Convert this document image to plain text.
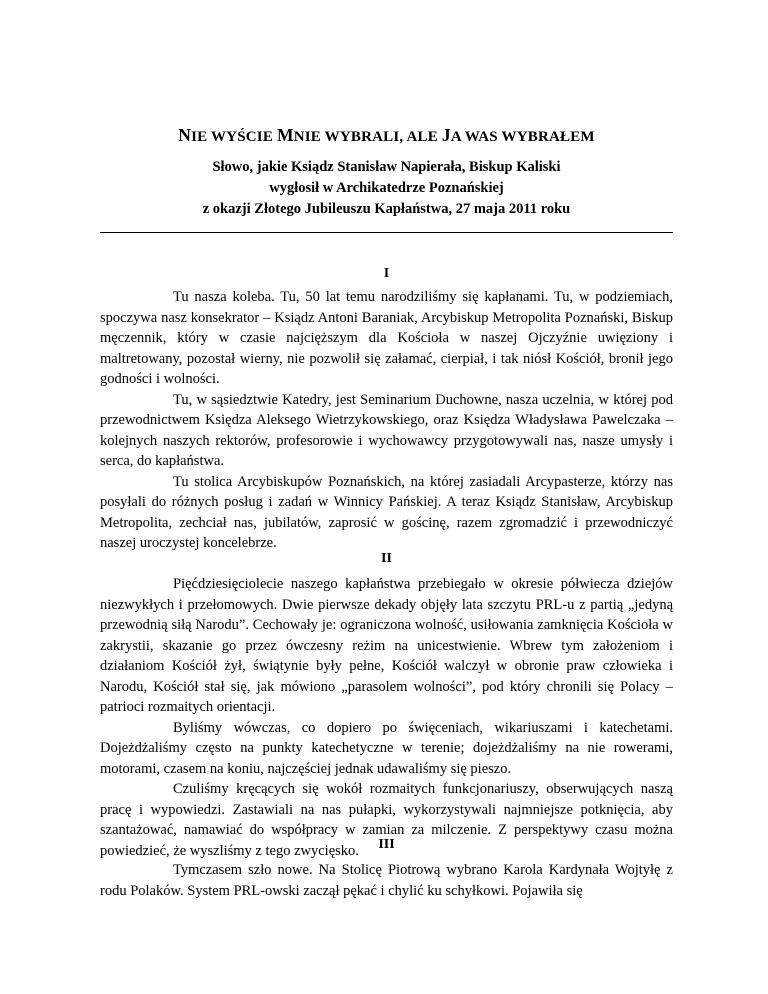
NIE WYŚCIE MNIE WYBRALI, ALE JA WAS WYBRAŁEM
Słowo, jakie Ksiądz Stanisław Napierała, Biskup Kaliski
wygłosił w Archikatedrze Poznańskiej
z okazji Złotego Jubileuszu Kapłaństwa, 27 maja 2011 roku
I

Tu nasza koleba. Tu, 50 lat temu narodziliśmy się kapłanami. Tu, w podziemiach, spoczywa nasz konsekrator – Ksiądz Antoni Baraniak, Arcybiskup Metropolita Poznański, Biskup męczennik, który w czasie najcięższym dla Kościoła w naszej Ojczyźnie uwięziony i maltretowany, pozostał wierny, nie pozwolił się załamać, cierpiał, i tak niósł Kościół, bronił jego godności i wolności.

Tu, w sąsiedztwie Katedry, jest Seminarium Duchowne, nasza uczelnia, w której pod przewodnictwem Księdza Aleksego Wietrzykowskiego, oraz Księdza Władysława Pawelczaka – kolejnych naszych rektorów, profesorowie i wychowawcy przygotowywali nas, nasze umysły i serca, do kapłaństwa.

Tu stolica Arcybiskupów Poznańskich, na której zasiadali Arcypasterze, którzy nas posyłali do różnych posług i zadań w Winnicy Pańskiej. A teraz Ksiądz Stanisław, Arcybiskup Metropolita, zechciał nas, jubilatów, zaprosić w gościnę, razem zgromadzić i przewodniczyć naszej uroczystej koncelebrze.

II

Pięćdziesięciolecie naszego kapłaństwa przebiegało w okresie półwiecza dziejów niezwykłych i przełomowych. Dwie pierwsze dekady objęły lata szczytu PRL-u z partią „jedyną przewodnią siłą Narodu”. Cechowały je: ograniczona wolność, usiłowania zamknięcia Kościoła w zakrystii, skazanie go przez ówczesny reżim na unicestwienie. Wbrew tym założeniom i działaniom Kościół żył, świątynie były pełne, Kościół walczył w obronie praw człowieka i Narodu, Kościół stał się, jak mówiono „parasolem wolności”, pod który chronili się Polacy – patrioci rozmaitych orientacji.

Byliśmy wówczas, co dopiero po święceniach, wikariuszami i katechetami. Dojeżdżaliśmy często na punkty katechetyczne w terenie; dojeżdżaliśmy na nie rowerami, motorami, czasem na koniu, najczęściej jednak udawaliśmy się pieszo.

Czuliśmy kręcących się wokół rozmaitych funkcjonariuszy, obserwujących naszą pracę i wypowiedzi. Zastawiali na nas pułapki, wykorzystywali najmniejsze potknięcia, aby szantażować, namawiać do współpracy w zamian za milczenie. Z perspektywy czasu można powiedzieć, że wyszliśmy z tego zwycięsko.	III

Tymczasem szło nowe. Na Stolicę Piotrową wybrano Karola Kardynała Wojtyłę z rodu Polaków. System PRL-owski zaczął pękać i chylić ku schyłkowi. Pojawiła się
